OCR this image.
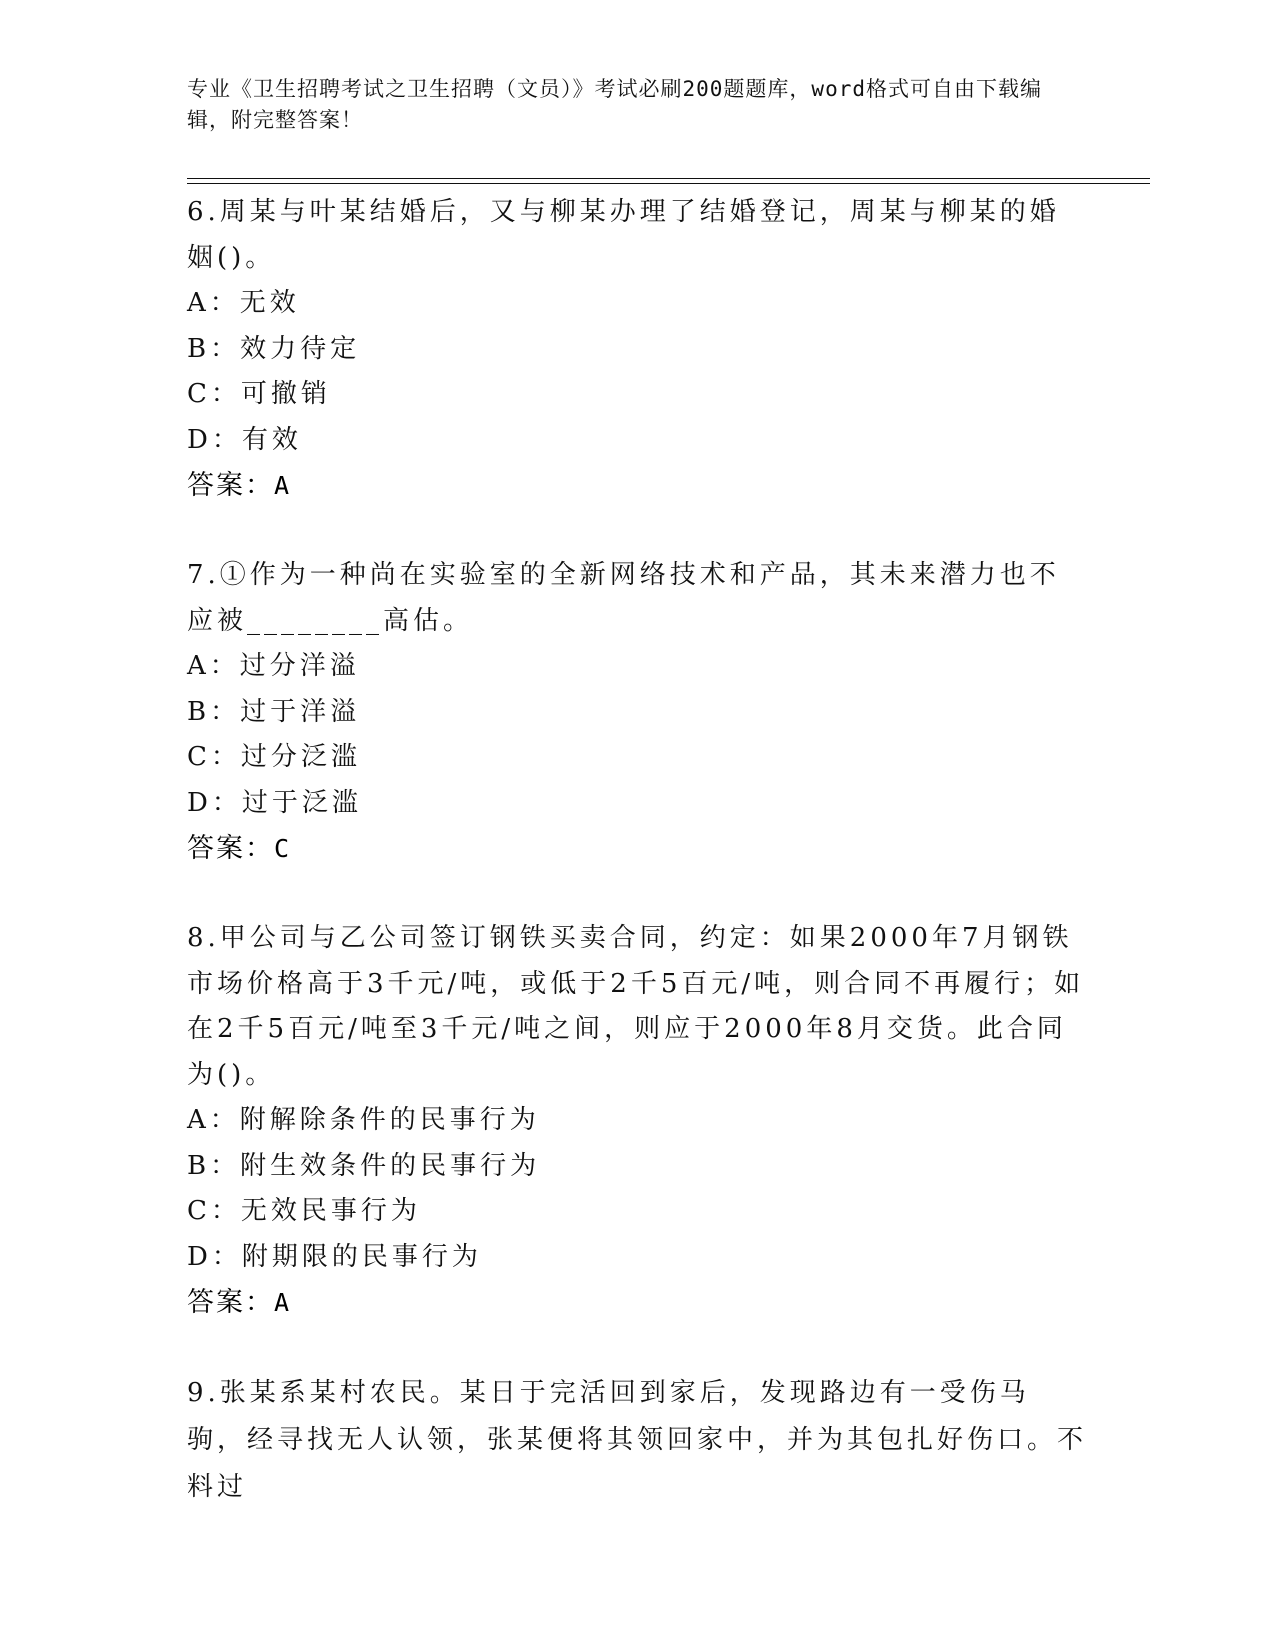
专业《卫生招聘考试之卫生招聘（文员）》考试必刷200题题库，word格式可自由下载编辑，附完整答案！
6.周某与叶某结婚后，又与柳某办理了结婚登记，周某与柳某的婚姻()。
A：无效
B：效力待定
C：可撤销
D：有效
答案：A
7.①作为一种尚在实验室的全新网络技术和产品，其未来潜力也不应被________高估。
A：过分洋溢
B：过于洋溢
C：过分泛滥
D：过于泛滥
答案：C
8.甲公司与乙公司签订钢铁买卖合同，约定：如果2000年7月钢铁市场价格高于3千元/吨，或低于2千5百元/吨，则合同不再履行；如在2千5百元/吨至3千元/吨之间，则应于2000年8月交货。此合同为()。
A：附解除条件的民事行为
B：附生效条件的民事行为
C：无效民事行为
D：附期限的民事行为
答案：A
9.张某系某村农民。某日于完活回到家后，发现路边有一受伤马驹，经寻找无人认领，张某便将其领回家中，并为其包扎好伤口。不料过
